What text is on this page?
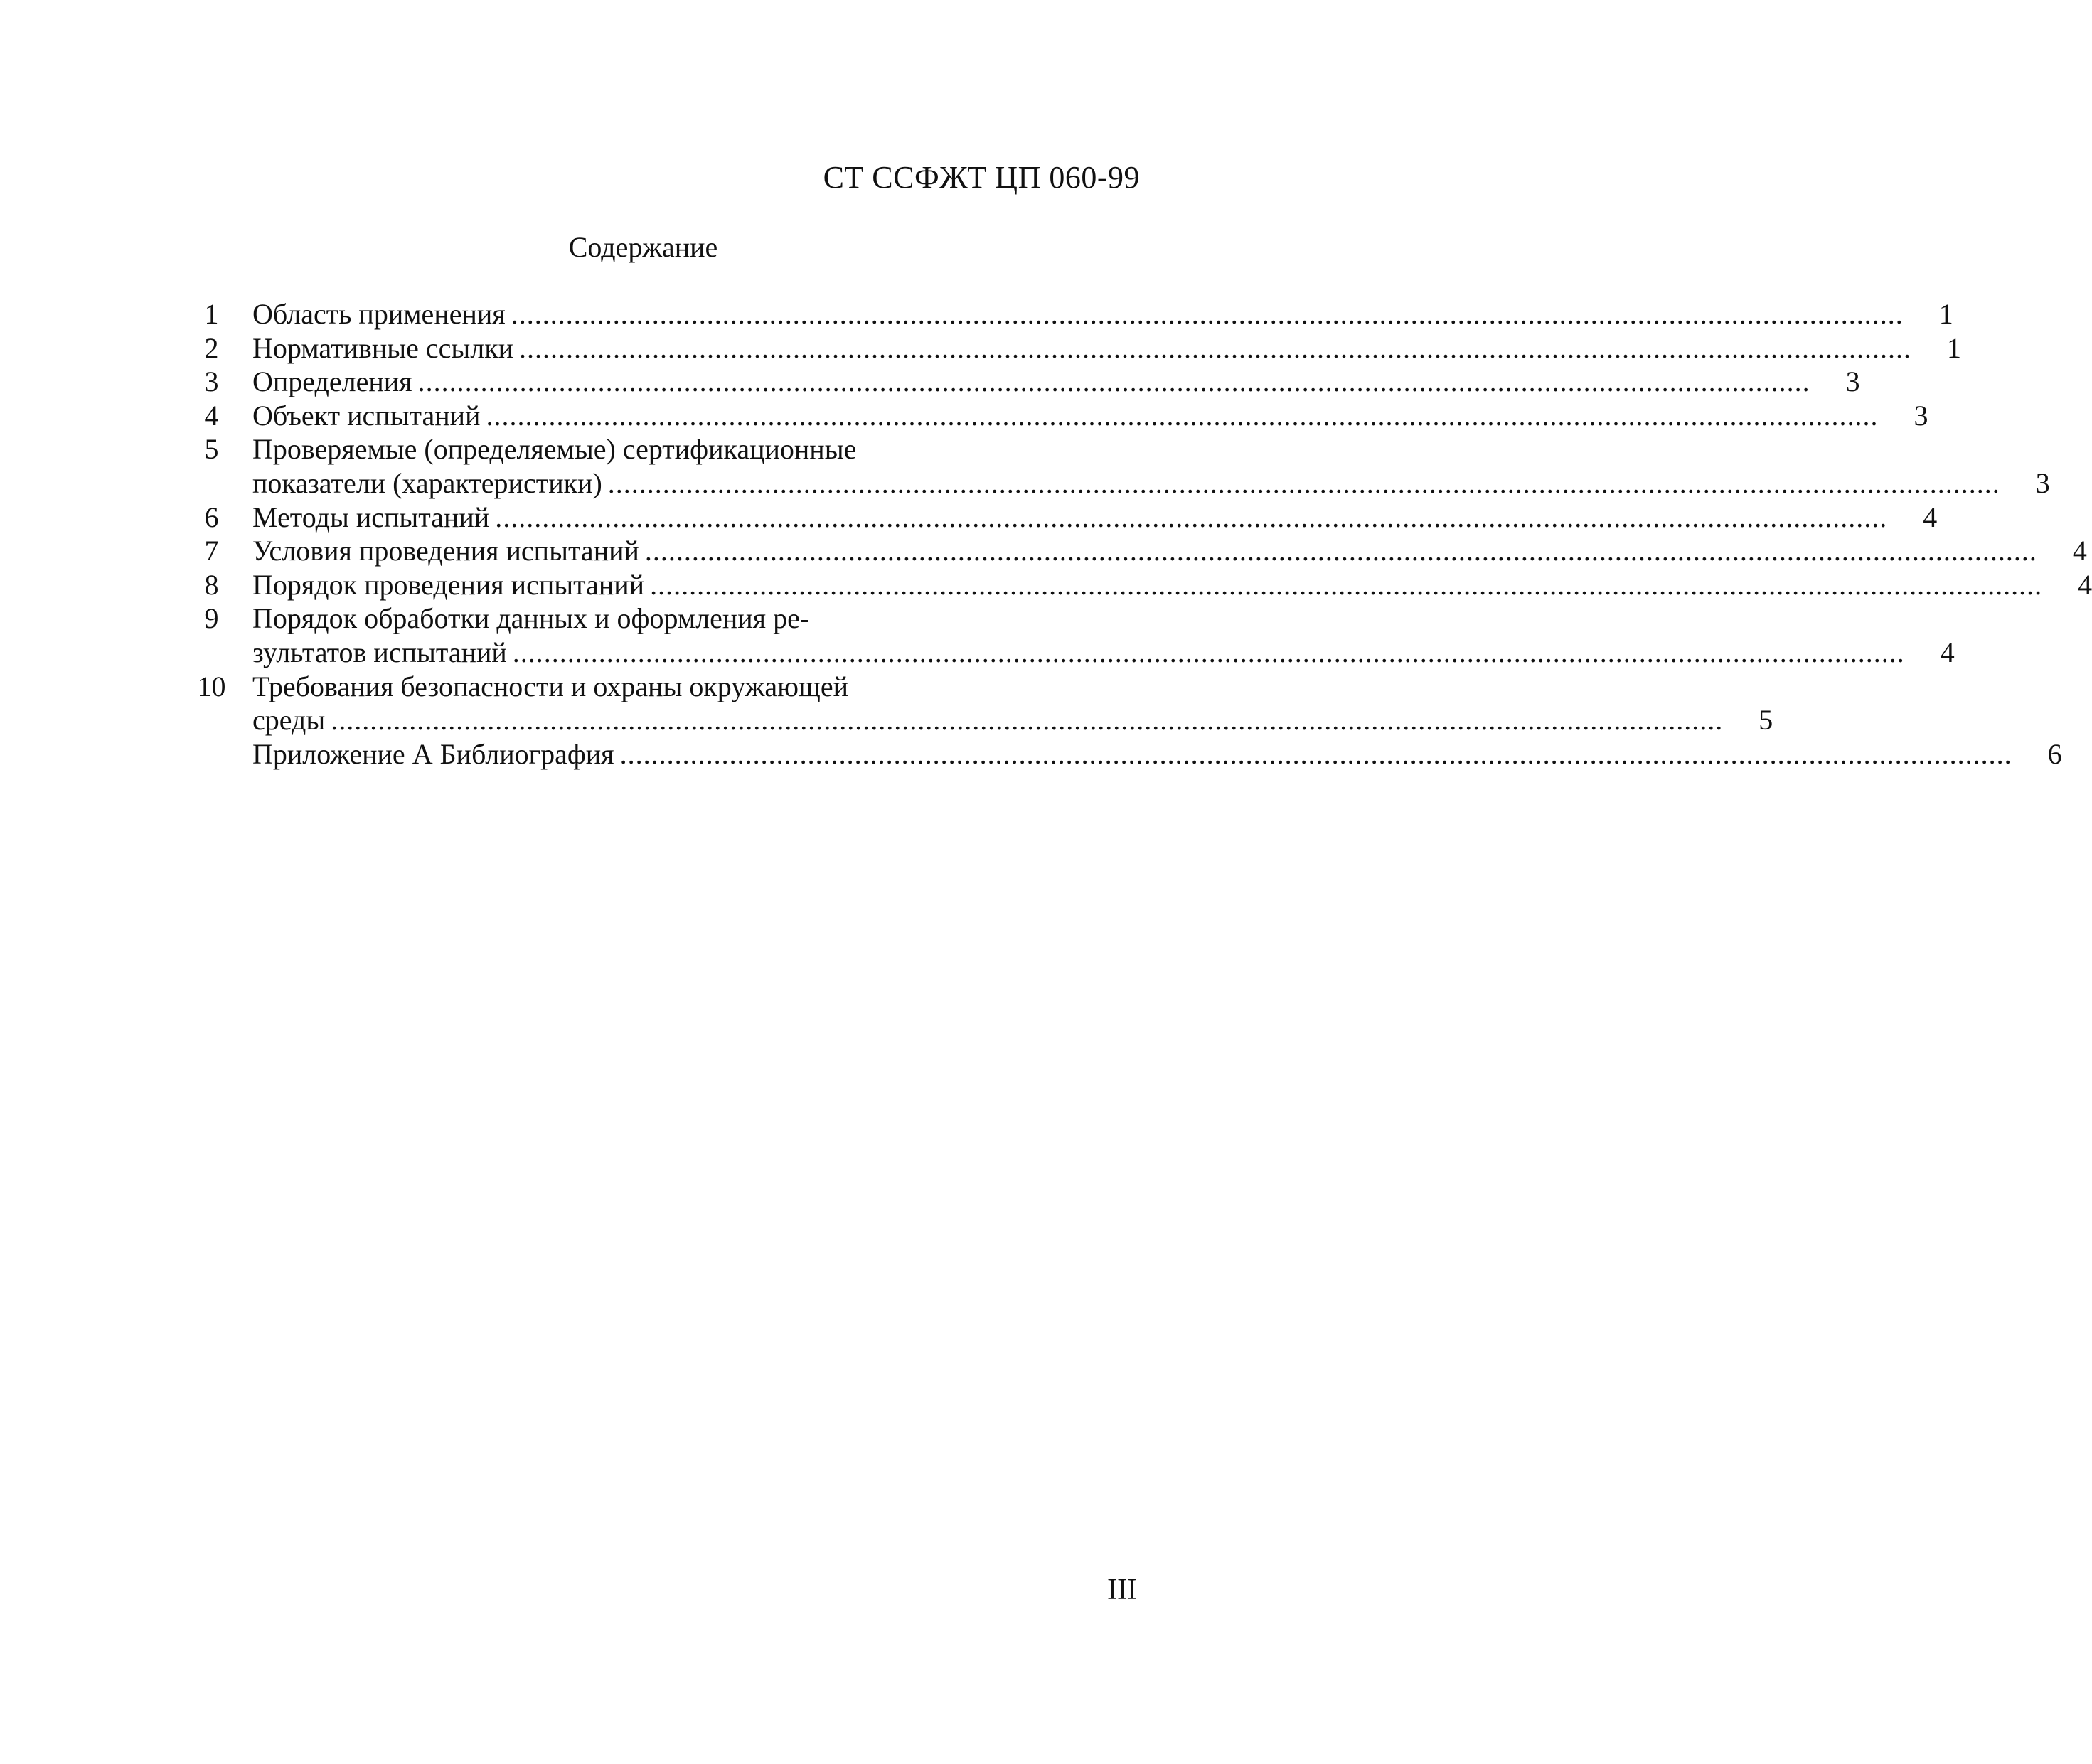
СТ ССФЖТ ЦП 060-99
Содержание
1	Область применения .....	1
2	Нормативные ссылки .....	1
3	Определения .....	3
4	Объект испытаний .....	3
5	Проверяемые (определяемые) сертификационные
показатели (характеристики) .....	3
6	Методы испытаний .....	4
7	Условия проведения испытаний .....	4
8	Порядок проведения испытаний .....	4
9	Порядок обработки данных и оформления ре-
зультатов испытаний .....	4
10 Требования безопасности и охраны окружающей
среды .....	5
Приложение А Библиография .....	6
III
